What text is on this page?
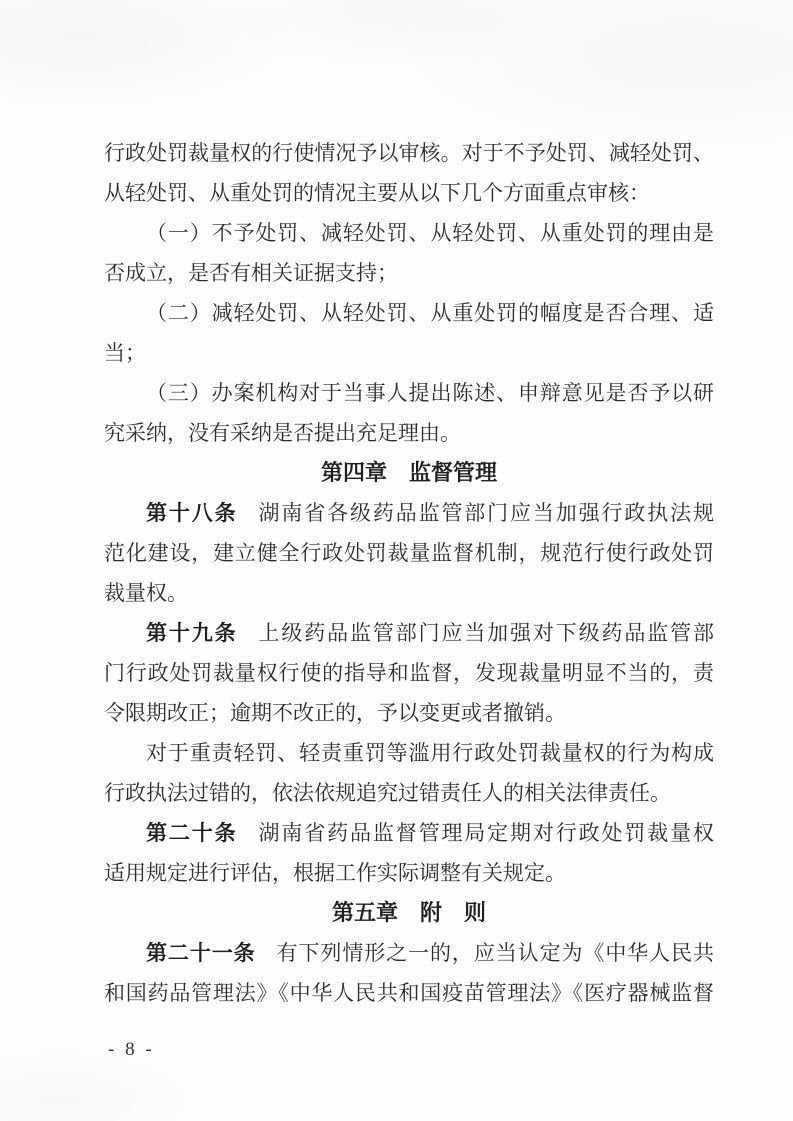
行政处罚裁量权的行使情况予以审核。对于不予处罚、减轻处罚、
从轻处罚、从重处罚的情况主要从以下几个方面重点审核：
（一）不予处罚、减轻处罚、从轻处罚、从重处罚的理由是
否成立，是否有相关证据支持；
（二）减轻处罚、从轻处罚、从重处罚的幅度是否合理、适
当；
（三）办案机构对于当事人提出陈述、申辩意见是否予以研
究采纳，没有采纳是否提出充足理由。
第四章 监督管理
第十八条 湖南省各级药品监管部门应当加强行政执法规
范化建设，建立健全行政处罚裁量监督机制，规范行使行政处罚
裁量权。
第十九条 上级药品监管部门应当加强对下级药品监管部
门行政处罚裁量权行使的指导和监督，发现裁量明显不当的，责
令限期改正；逾期不改正的，予以变更或者撤销。
对于重责轻罚、轻责重罚等滥用行政处罚裁量权的行为构成
行政执法过错的，依法依规追究过错责任人的相关法律责任。
第二十条 湖南省药品监督管理局定期对行政处罚裁量权
适用规定进行评估，根据工作实际调整有关规定。
第五章 附　则
第二十一条 有下列情形之一的，应当认定为《中华人民共
和国药品管理法》《中华人民共和国疫苗管理法》《医疗器械监督
- 8 -
